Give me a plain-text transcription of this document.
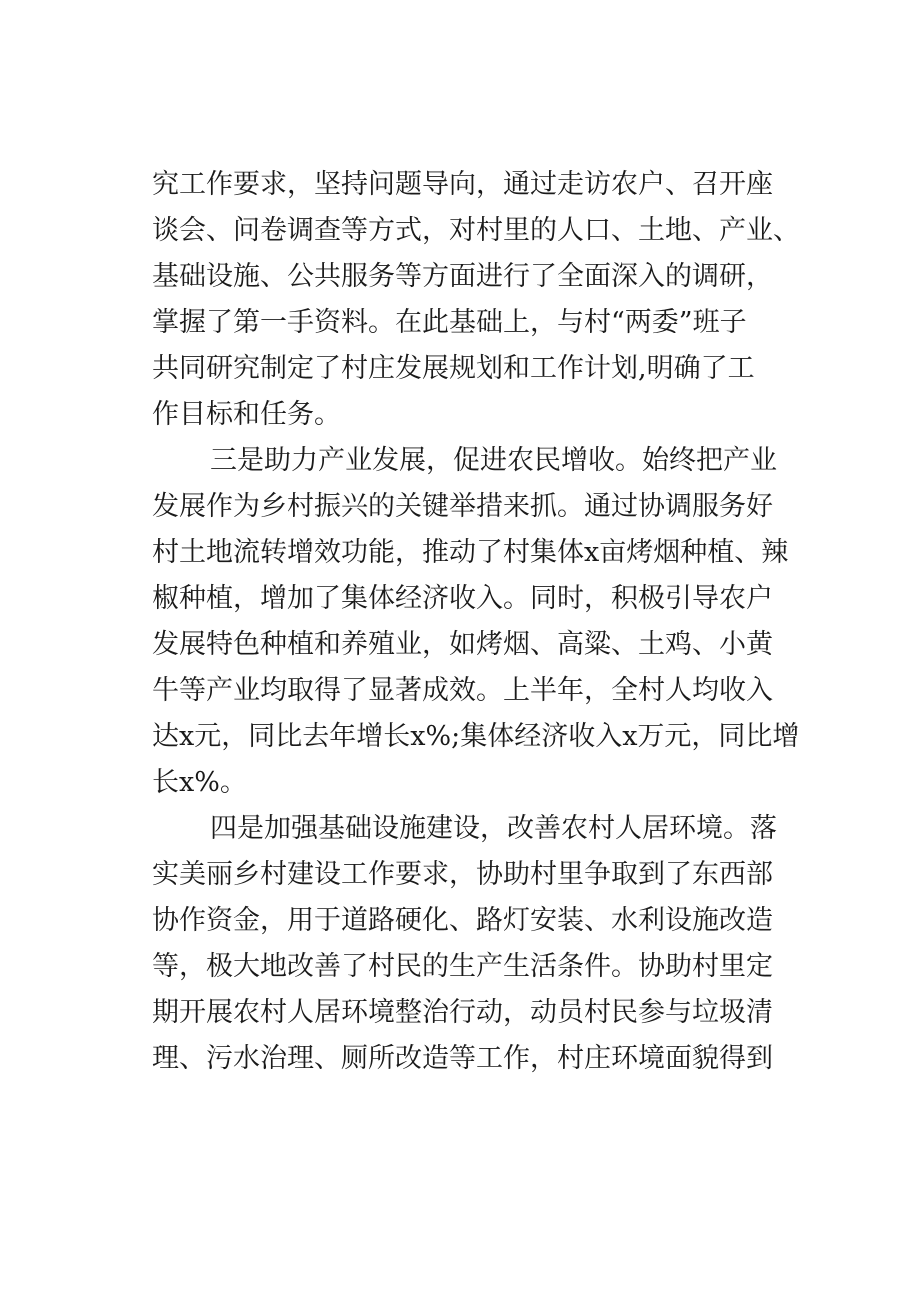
究工作要求，坚持问题导向，通过走访农户、召开座
谈会、问卷调查等方式，对村里的人口、土地、产业、
基础设施、公共服务等方面进行了全面深入的调研，
掌握了第一手资料。在此基础上，与村“两委”班子
共同研究制定了村庄发展规划和工作计划,明确了工
作目标和任务。
三是助力产业发展，促进农民增收。始终把产业
发展作为乡村振兴的关键举措来抓。通过协调服务好
村土地流转增效功能，推动了村集体x亩烤烟种植、辣
椒种植，增加了集体经济收入。同时，积极引导农户
发展特色种植和养殖业，如烤烟、高粱、土鸡、小黄
牛等产业均取得了显著成效。上半年，全村人均收入
达x元，同比去年增长x%;集体经济收入x万元，同比增
长x%。
四是加强基础设施建设，改善农村人居环境。落
实美丽乡村建设工作要求，协助村里争取到了东西部
协作资金，用于道路硬化、路灯安装、水利设施改造
等，极大地改善了村民的生产生活条件。协助村里定
期开展农村人居环境整治行动，动员村民参与垃圾清
理、污水治理、厕所改造等工作，村庄环境面貌得到
